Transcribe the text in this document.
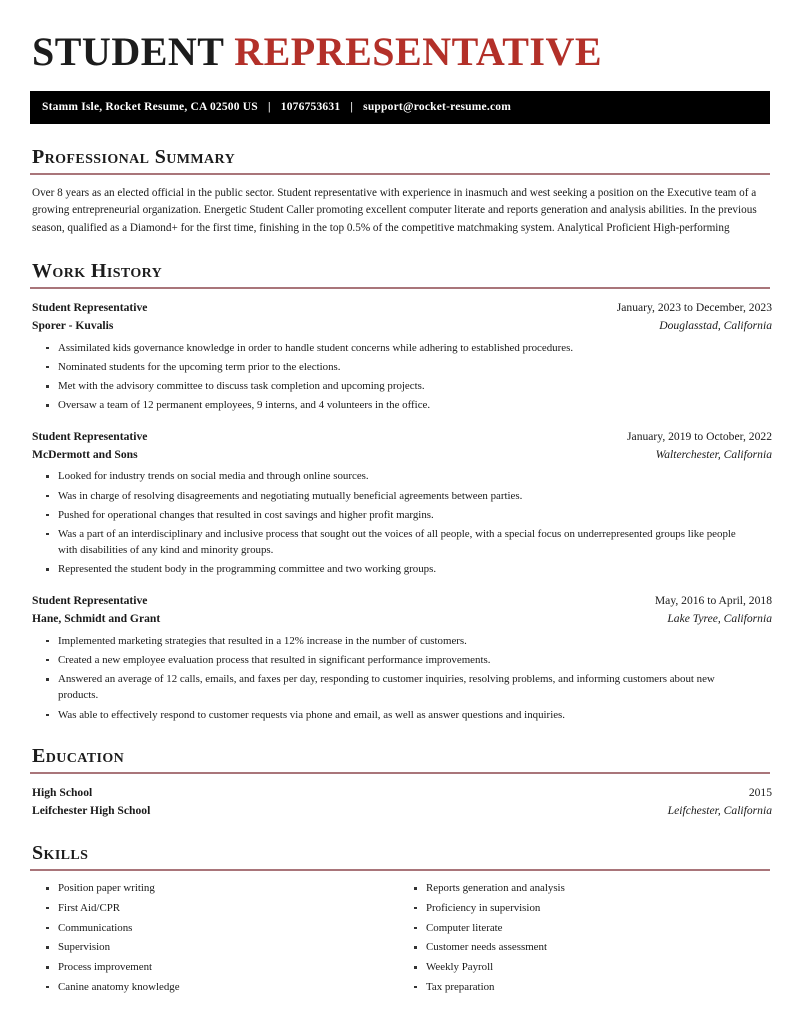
STUDENT REPRESENTATIVE
Stamm Isle, Rocket Resume, CA 02500 US | 1076753631 | support@rocket-resume.com
Professional Summary

Over 8 years as an elected official in the public sector. Student representative with experience in inasmuch and west seeking a position on the Executive team of a growing entrepreneurial organization. Energetic Student Caller promoting excellent computer literate and reports generation and analysis abilities. In the previous season, qualified as a Diamond+ for the first time, finishing in the top 0.5% of the competitive matchmaking system. Analytical Proficient High-performing

Work History
Student Representative	January, 2023 to December, 2023
Sporer - Kuvalis	Douglasstad, California
Assimilated kids governance knowledge in order to handle student concerns while adhering to established procedures.
Nominated students for the upcoming term prior to the elections.
Met with the advisory committee to discuss task completion and upcoming projects.
Oversaw a team of 12 permanent employees, 9 interns, and 4 volunteers in the office.
Student Representative	January, 2019 to October, 2022
McDermott and Sons	Walterchester, California
Looked for industry trends on social media and through online sources.
Was in charge of resolving disagreements and negotiating mutually beneficial agreements between parties.
Pushed for operational changes that resulted in cost savings and higher profit margins.
Was a part of an interdisciplinary and inclusive process that sought out the voices of all people, with a special focus on underrepresented groups like people with disabilities of any kind and minority groups.
Represented the student body in the programming committee and two working groups.
Student Representative	May, 2016 to April, 2018
Hane, Schmidt and Grant	Lake Tyree, California
Implemented marketing strategies that resulted in a 12% increase in the number of customers.
Created a new employee evaluation process that resulted in significant performance improvements.
Answered an average of 12 calls, emails, and faxes per day, responding to customer inquiries, resolving problems, and informing customers about new products.
Was able to effectively respond to customer requests via phone and email, as well as answer questions and inquiries.
Education
High School	2015
Leifchester High School	Leifchester, California
Skills
Position paper writing
First Aid/CPR
Communications
Supervision
Process improvement
Canine anatomy knowledge
Reports generation and analysis
Proficiency in supervision
Computer literate
Customer needs assessment
Weekly Payroll
Tax preparation
